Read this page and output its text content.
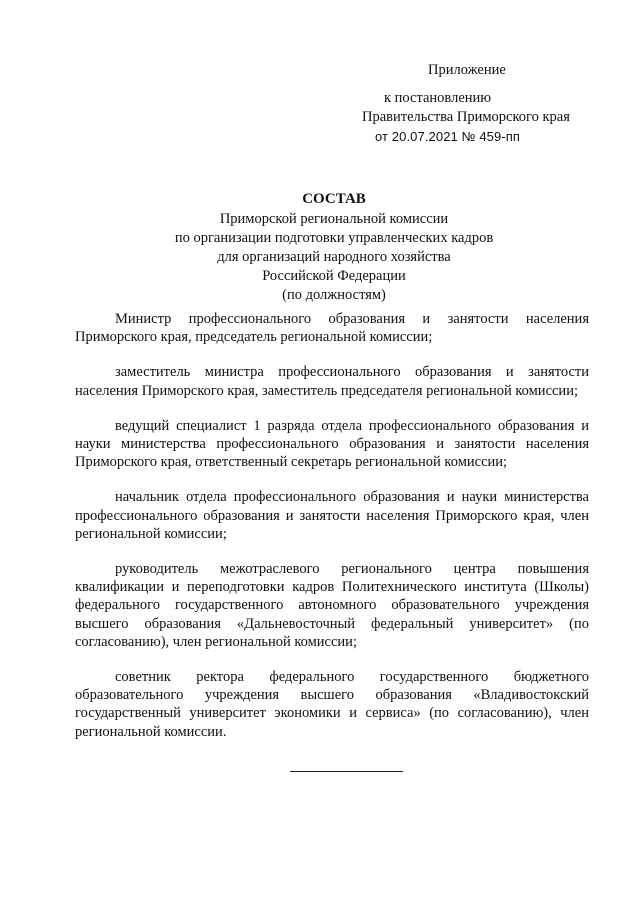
Приложение
к постановлению
Правительства Приморского края
от 20.07.2021 № 459-пп
СОСТАВ
Приморской региональной комиссии
по организации подготовки управленческих кадров
для организаций народного хозяйства
Российской Федерации
(по должностям)

Министр профессионального образования и занятости населения Приморского края, председатель региональной комиссии;

заместитель министра профессионального образования и занятости населения Приморского края, заместитель председателя региональной комиссии;

ведущий специалист 1 разряда отдела профессионального образования и науки министерства профессионального образования и занятости населения Приморского края, ответственный секретарь региональной комиссии;

начальник отдела профессионального образования и науки министерства профессионального образования и занятости населения Приморского края, член региональной комиссии;

руководитель межотраслевого регионального центра повышения квалификации и переподготовки кадров Политехнического института (Школы) федерального государственного автономного образовательного учреждения высшего образования «Дальневосточный федеральный университет» (по согласованию), член региональной комиссии;

советник ректора федерального государственного бюджетного образовательного учреждения высшего образования «Владивостокский государственный университет экономики и сервиса» (по согласованию), член региональной комиссии.
